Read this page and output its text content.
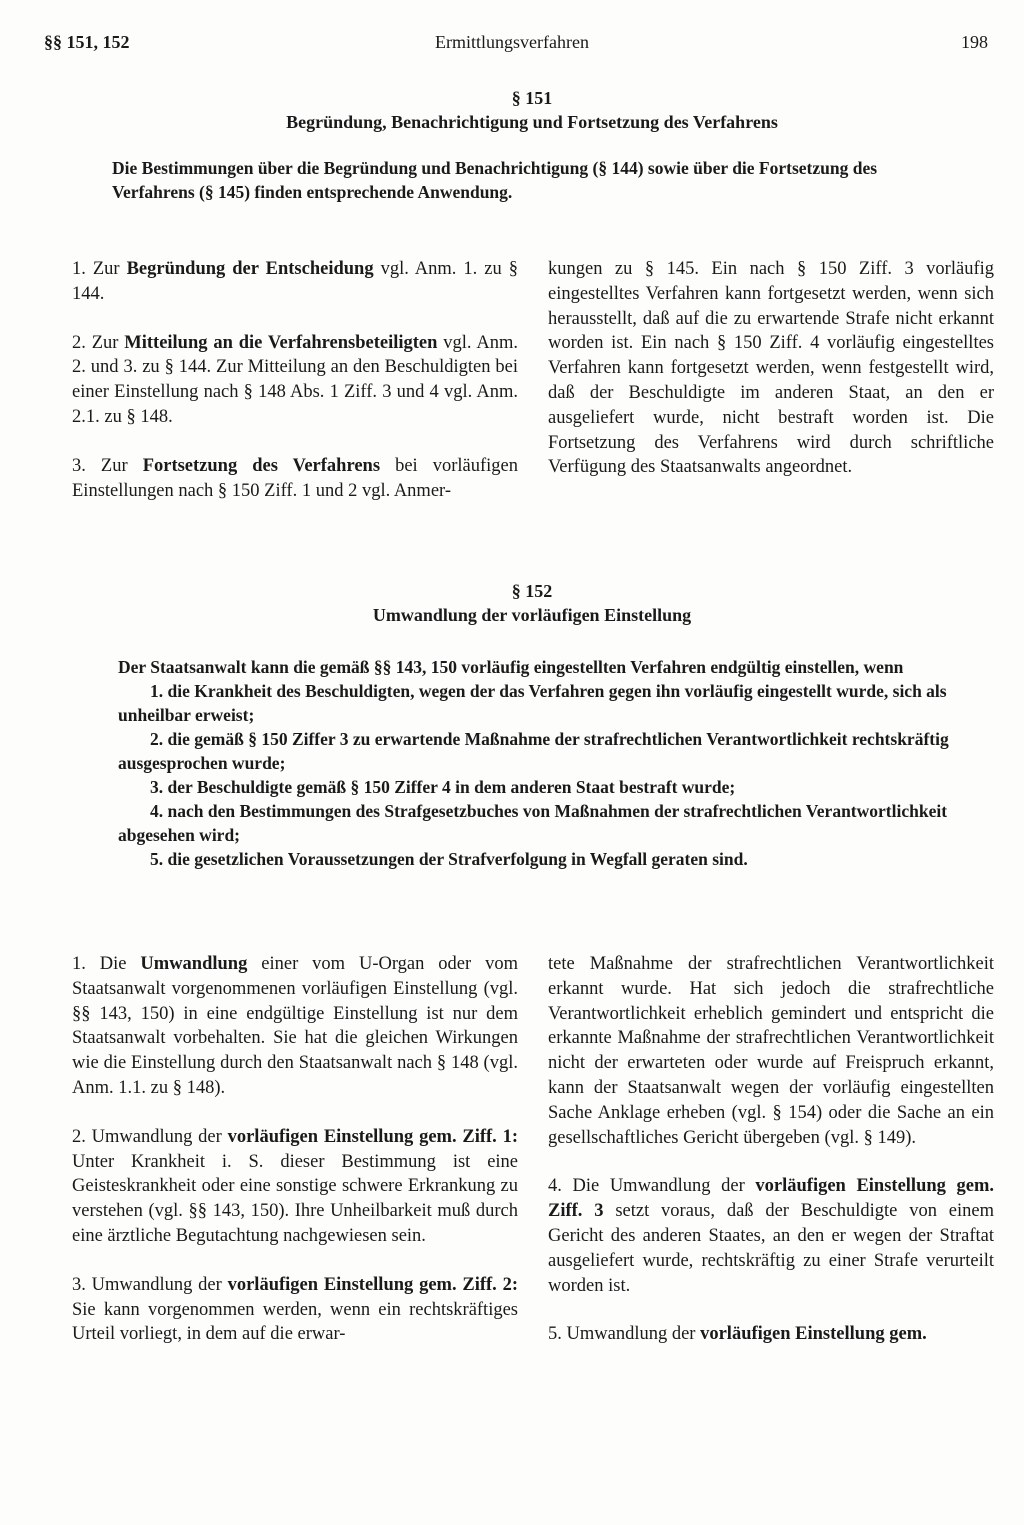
§§ 151, 152	Ermittlungsverfahren	198
§ 151
Begründung, Benachrichtigung und Fortsetzung des Verfahrens
Die Bestimmungen über die Begründung und Benachrichtigung (§ 144) sowie über die Fortsetzung des Verfahrens (§ 145) finden entsprechende Anwendung.

1. Zur Begründung der Entscheidung vgl. Anm. 1. zu § 144.

2. Zur Mitteilung an die Verfahrensbeteiligten vgl. Anm. 2. und 3. zu § 144. Zur Mitteilung an den Beschuldigten bei einer Einstellung nach § 148 Abs. 1 Ziff. 3 und 4 vgl. Anm. 2.1. zu § 148.

3. Zur Fortsetzung des Verfahrens bei vorläufigen Einstellungen nach § 150 Ziff. 1 und 2 vgl. Anmer-

kungen zu § 145. Ein nach § 150 Ziff. 3 vorläufig eingestelltes Verfahren kann fortgesetzt werden, wenn sich herausstellt, daß auf die zu erwartende Strafe nicht erkannt worden ist. Ein nach § 150 Ziff. 4 vorläufig eingestelltes Verfahren kann fortgesetzt werden, wenn festgestellt wird, daß der Beschuldigte im anderen Staat, an den er ausgeliefert wurde, nicht bestraft worden ist. Die Fortsetzung des Verfahrens wird durch schriftliche Verfügung des Staatsanwalts angeordnet.

§ 152
Umwandlung der vorläufigen Einstellung
Der Staatsanwalt kann die gemäß §§ 143, 150 vorläufig eingestellten Verfahren endgültig einstellen, wenn
1. die Krankheit des Beschuldigten, wegen der das Verfahren gegen ihn vorläufig eingestellt wurde, sich als unheilbar erweist;
2. die gemäß § 150 Ziffer 3 zu erwartende Maßnahme der strafrechtlichen Verantwortlichkeit rechtskräftig ausgesprochen wurde;
3. der Beschuldigte gemäß § 150 Ziffer 4 in dem anderen Staat bestraft wurde;
4. nach den Bestimmungen des Strafgesetzbuches von Maßnahmen der strafrechtlichen Verantwortlichkeit abgesehen wird;
5. die gesetzlichen Voraussetzungen der Strafverfolgung in Wegfall geraten sind.

1. Die Umwandlung einer vom U-Organ oder vom Staatsanwalt vorgenommenen vorläufigen Einstellung (vgl. §§ 143, 150) in eine endgültige Einstellung ist nur dem Staatsanwalt vorbehalten. Sie hat die gleichen Wirkungen wie die Einstellung durch den Staatsanwalt nach § 148 (vgl. Anm. 1.1. zu § 148).

2. Umwandlung der vorläufigen Einstellung gem. Ziff. 1: Unter Krankheit i. S. dieser Bestimmung ist eine Geisteskrankheit oder eine sonstige schwere Erkrankung zu verstehen (vgl. §§ 143, 150). Ihre Unheilbarkeit muß durch eine ärztliche Begutachtung nachgewiesen sein.

3. Umwandlung der vorläufigen Einstellung gem. Ziff. 2: Sie kann vorgenommen werden, wenn ein rechtskräftiges Urteil vorliegt, in dem auf die erwar-

tete Maßnahme der strafrechtlichen Verantwortlichkeit erkannt wurde. Hat sich jedoch die strafrechtliche Verantwortlichkeit erheblich gemindert und entspricht die erkannte Maßnahme der strafrechtlichen Verantwortlichkeit nicht der erwarteten oder wurde auf Freispruch erkannt, kann der Staatsanwalt wegen der vorläufig eingestellten Sache Anklage erheben (vgl. § 154) oder die Sache an ein gesellschaftliches Gericht übergeben (vgl. § 149).

4. Die Umwandlung der vorläufigen Einstellung gem. Ziff. 3 setzt voraus, daß der Beschuldigte von einem Gericht des anderen Staates, an den er wegen der Straftat ausgeliefert wurde, rechtskräftig zu einer Strafe verurteilt worden ist.

5. Umwandlung der vorläufigen Einstellung gem.
